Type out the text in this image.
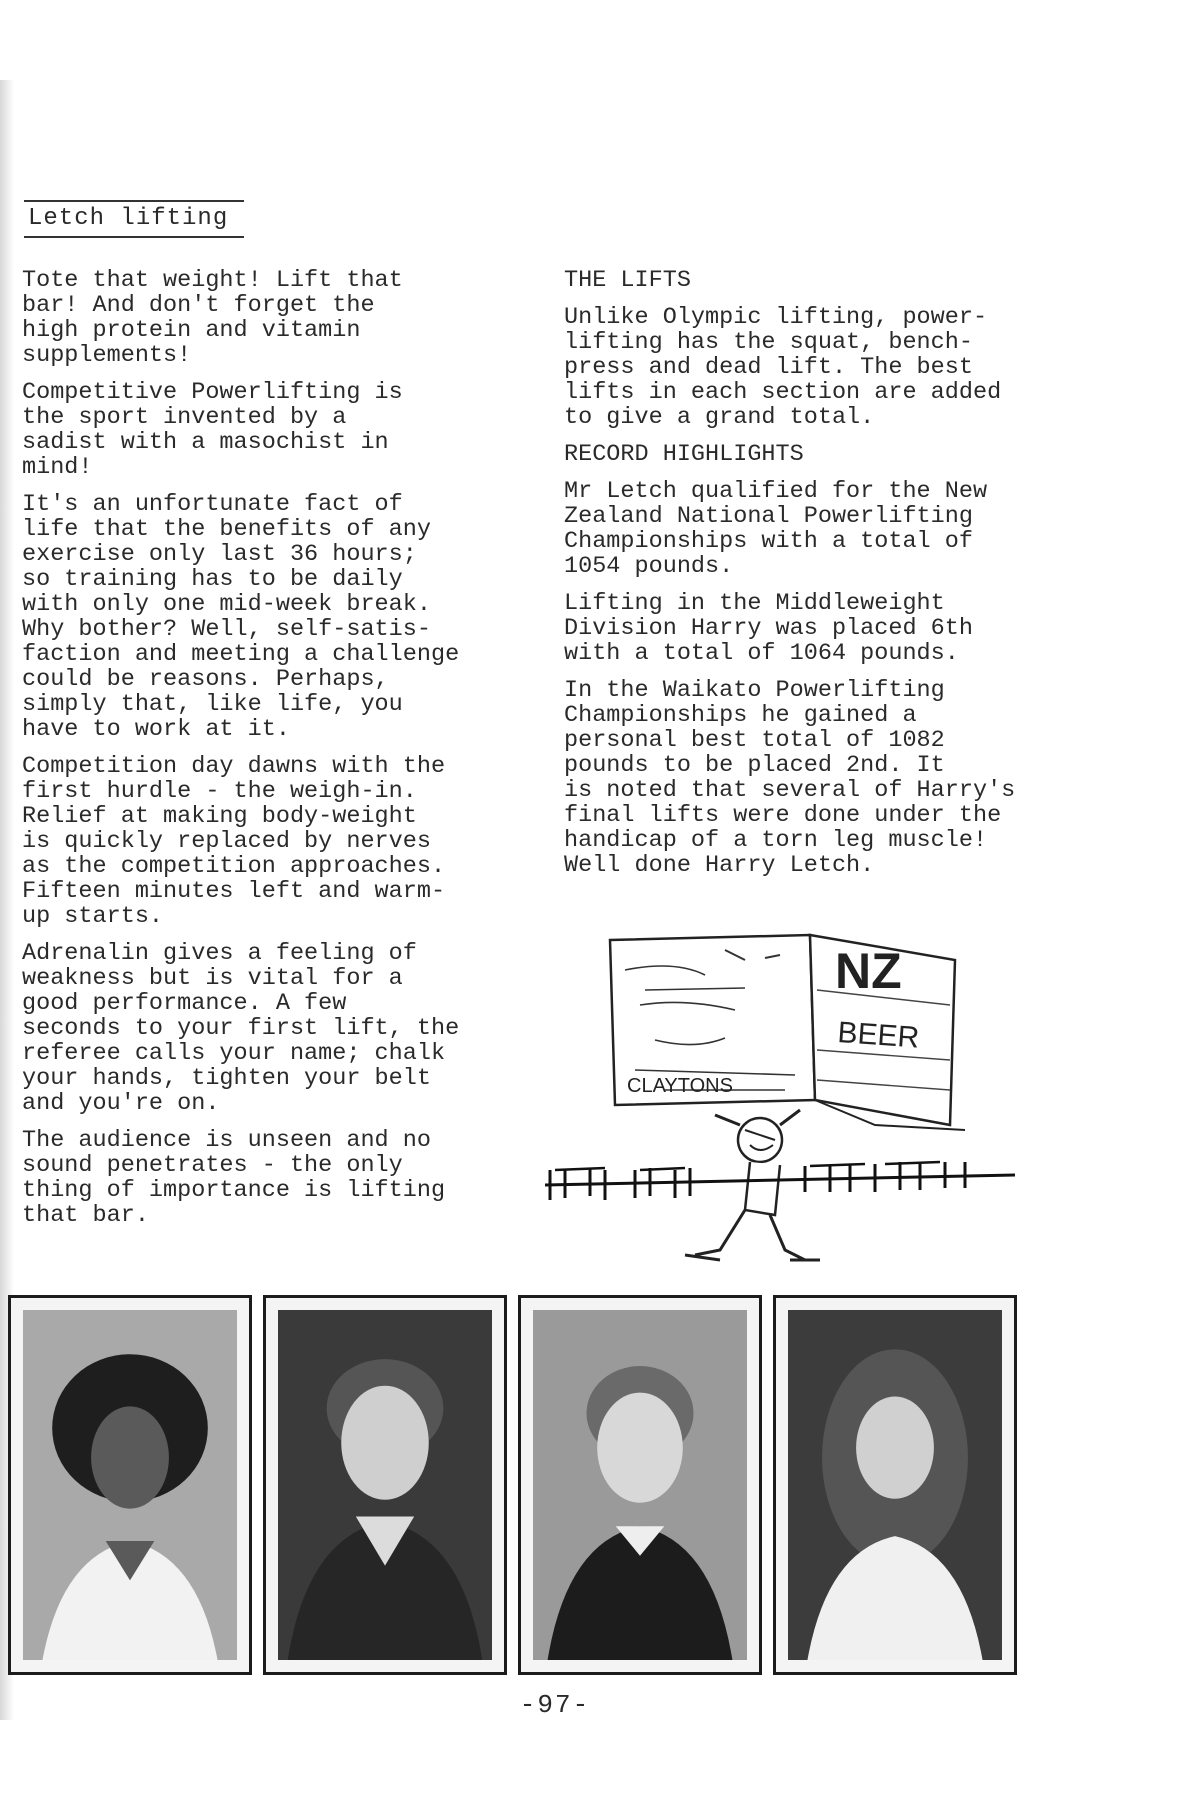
Letch lifting

Tote that weight! Lift that
bar! And don't forget the
high protein and vitamin
supplements!

Competitive Powerlifting is
the sport invented by a
sadist with a masochist in
mind!

It's an unfortunate fact of
life that the benefits of any
exercise only last 36 hours;
so training has to be daily
with only one mid-week break.
Why bother? Well, self-satis-
faction and meeting a challenge
could be reasons. Perhaps,
simply that, like life, you
have to work at it.

Competition day dawns with the
first hurdle - the weigh-in.
Relief at making body-weight
is quickly replaced by nerves
as the competition approaches.
Fifteen minutes left and warm-
up starts.

Adrenalin gives a feeling of
weakness but is vital for a
good performance. A few
seconds to your first lift, the
referee calls your name; chalk
your hands, tighten your belt
and you're on.

The audience is unseen and no
sound penetrates - the only
thing of importance is lifting
that bar.

THE LIFTS

Unlike Olympic lifting, power-
lifting has the squat, bench-
press and dead lift. The best
lifts in each section are added
to give a grand total.

RECORD HIGHLIGHTS

Mr Letch qualified for the New
Zealand National Powerlifting
Championships with a total of
1054 pounds.

Lifting in the Middleweight
Division Harry was placed 6th
with a total of 1064 pounds.

In the Waikato Powerlifting
Championships he gained a
personal best total of 1082
pounds to be placed 2nd. It
is noted that several of Harry's
final lifts were done under the
handicap of a torn leg muscle!
Well done Harry Letch.

NZ
BEER
CLAYTONS
-97-
